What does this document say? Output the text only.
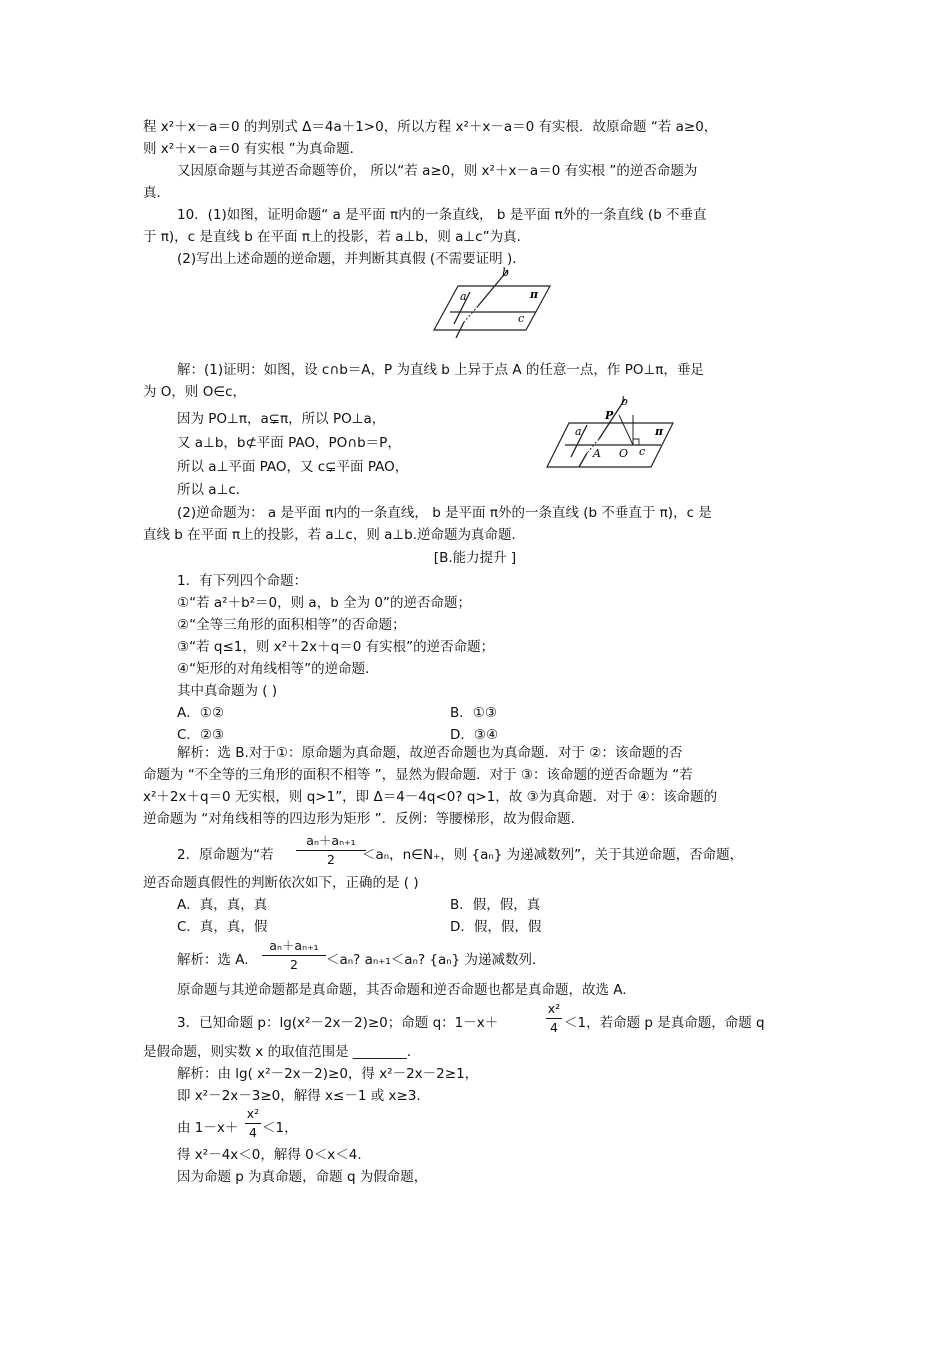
程 x²＋x－a＝0 的判别式 Δ＝4a＋1>0，所以方程 x²＋x－a＝0 有实根．故原命题 “若 a≥0，
则 x²＋x－a＝0 有实根 ”为真命题．
又因原命题与其逆否命题等价， 所以“若 a≥0，则 x²＋x－a＝0 有实根 ”的逆否命题为
真．
10．(1)如图，证明命题“ a 是平面 π内的一条直线， b 是平面 π外的一条直线 (b 不垂直
于 π)，c 是直线 b 在平面 π上的投影，若 a⊥b，则 a⊥c”为真．
(2)写出上述命题的逆命题，并判断其真假 (不需要证明 )．
a
b
c
π
解：(1)证明：如图，设 c∩b＝A，P 为直线 b 上异于点 A 的任意一点，作 PO⊥π，垂足
为 O，则 O∈c，
因为 PO⊥π，a⊊π，所以 PO⊥a，
又 a⊥b，b⊄平面 PAO，PO∩b＝P，
所以 a⊥平面 PAO，又 c⊊平面 PAO，
所以 a⊥c．
a
b
c
π
P
A O
(2)逆命题为： a 是平面 π内的一条直线， b 是平面 π外的一条直线 (b 不垂直于 π)，c 是
直线 b 在平面 π上的投影，若 a⊥c，则 a⊥b.逆命题为真命题．
[B.能力提升 ]
1．有下列四个命题：
①“若 a²＋b²＝0，则 a，b 全为 0”的逆否命题；
②“全等三角形的面积相等”的否命题；
③“若 q≤1，则 x²＋2x＋q＝0 有实根”的逆否命题；
④“矩形的对角线相等”的逆命题．
其中真命题为 ( )
A．①②	B．①③
C．②③	D．③④
解析：选 B.对于①：原命题为真命题，故逆否命题也为真命题．对于 ②：该命题的否
命题为 “不全等的三角形的面积不相等 ”，显然为假命题．对于 ③：该命题的逆否命题为 “若
x²＋2x＋q＝0 无实根，则 q>1”，即 Δ＝4－4q<0? q>1，故 ③为真命题．对于 ④：该命题的
逆命题为 “对角线相等的四边形为矩形 ”．反例：等腰梯形，故为假命题．
2．原命题为“若 $\frac{\text{aₙ＋aₙ₊₁}}{2}$
＜aₙ，n∈N₊，则 {aₙ} 为递减数列”，关于其逆命题，否命题，
逆否命题真假性的判断依次如下，正确的是 ( )
A．真，真，真	B．假，假，真
C．真，真，假	D．假，假，假
解析：选 A. $\frac{\text{aₙ＋aₙ₊₁}}{2} <a_n$? aₙ₊₁＜aₙ? {aₙ} 为递减数列．
原命题与其逆命题都是真命题，其否命题和逆否命题也都是真命题，故选 A.
3．已知命题 p：lg(x²－2x－2)≥0；命题 q：1－x＋	$\frac{\text{x²}}{4} <1$，若命题 p 是真命题，命题 q
是假命题，则实数 x 的取值范围是 ________．
解析：由 lg( x²－2x－2)≥0，得 x²－2x－2≥1，
即 x²－2x－3≥0，解得 x≤－1 或 x≥3.
由 $1-x+ \frac{\text{x²}}{4} <1$，
得 x²－4x＜0，解得 0＜x＜4.
因为命题 p 为真命题，命题 q 为假命题，
